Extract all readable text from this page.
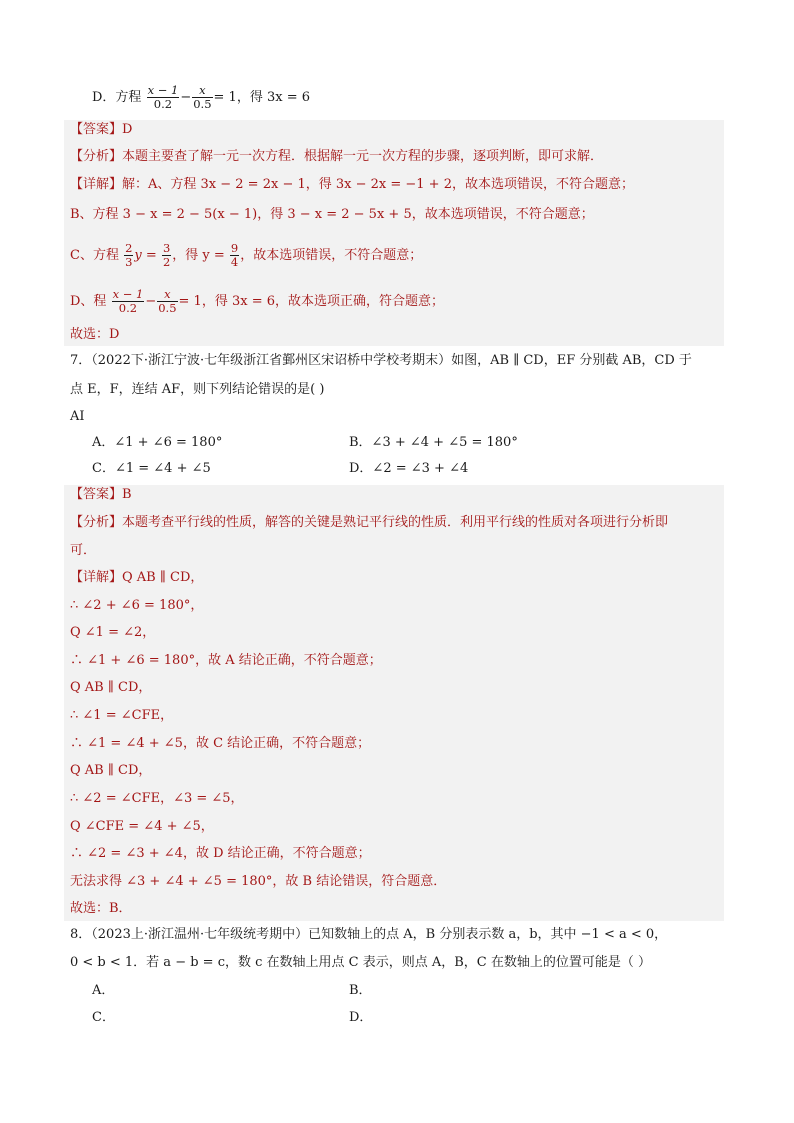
D．方程 $\frac{x - 1}{0.2} - \frac{x}{0.5} = 1$，得 3x = 6
【答案】D
【分析】本题主要查了解一元一次方程．根据解一元一次方程的步骤，逐项判断，即可求解．
【详解】解：A、方程 3x − 2 = 2x − 1，得 3x − 2x = −1 + 2，故本选项错误，不符合题意；
B、方程 3 − x = 2 − 5(x − 1)，得 3 − x = 2 − 5x + 5，故本选项错误，不符合题意；
C、方程 $\frac{2}{3}$ $y = \frac{3}{2}$ ，得 $y = \frac{9}{4}$ ，故本选项错误，不符合题意；
D、程 $\frac{x - 1}{0.2} - \frac{x}{0.5} = 1$，得 3x = 6，故本选项正确，符合题意；
故选：D
7．（2022下·浙江宁波·七年级浙江省鄞州区宋诏桥中学校考期末）如图，AB ∥ CD，EF 分别截 AB，CD 于
点 E，F，连结 AF，则下列结论错误的是( )
AI
A．∠1 + ∠6 = 180°	B．∠3 + ∠4 + ∠5 = 180°
C．∠1 = ∠4 + ∠5	D．∠2 = ∠3 + ∠4
【答案】B
【分析】本题考查平行线的性质，解答的关键是熟记平行线的性质．利用平行线的性质对各项进行分析即
可．
【详解】Q AB ∥ CD，
∴ ∠2 + ∠6 = 180°，
Q ∠1 = ∠2，
∴ ∠1 + ∠6 = 180°，故 A 结论正确，不符合题意；
Q AB ∥ CD，
∴ ∠1 = ∠CFE，
∴ ∠1 = ∠4 + ∠5，故 C 结论正确，不符合题意；
Q AB ∥ CD，
∴ ∠2 = ∠CFE，∠3 = ∠5，
Q ∠CFE = ∠4 + ∠5，
∴ ∠2 = ∠3 + ∠4，故 D 结论正确，不符合题意；
无法求得 ∠3 + ∠4 + ∠5 = 180°，故 B 结论错误，符合题意．
故选：B．
8．（2023上·浙江温州·七年级统考期中）已知数轴上的点 A，B 分别表示数 a，b，其中 −1 < a < 0，
0 < b < 1．若 a − b = c，数 c 在数轴上用点 C 表示，则点 A，B，C 在数轴上的位置可能是（ ）
A．	B．
C．	D．
